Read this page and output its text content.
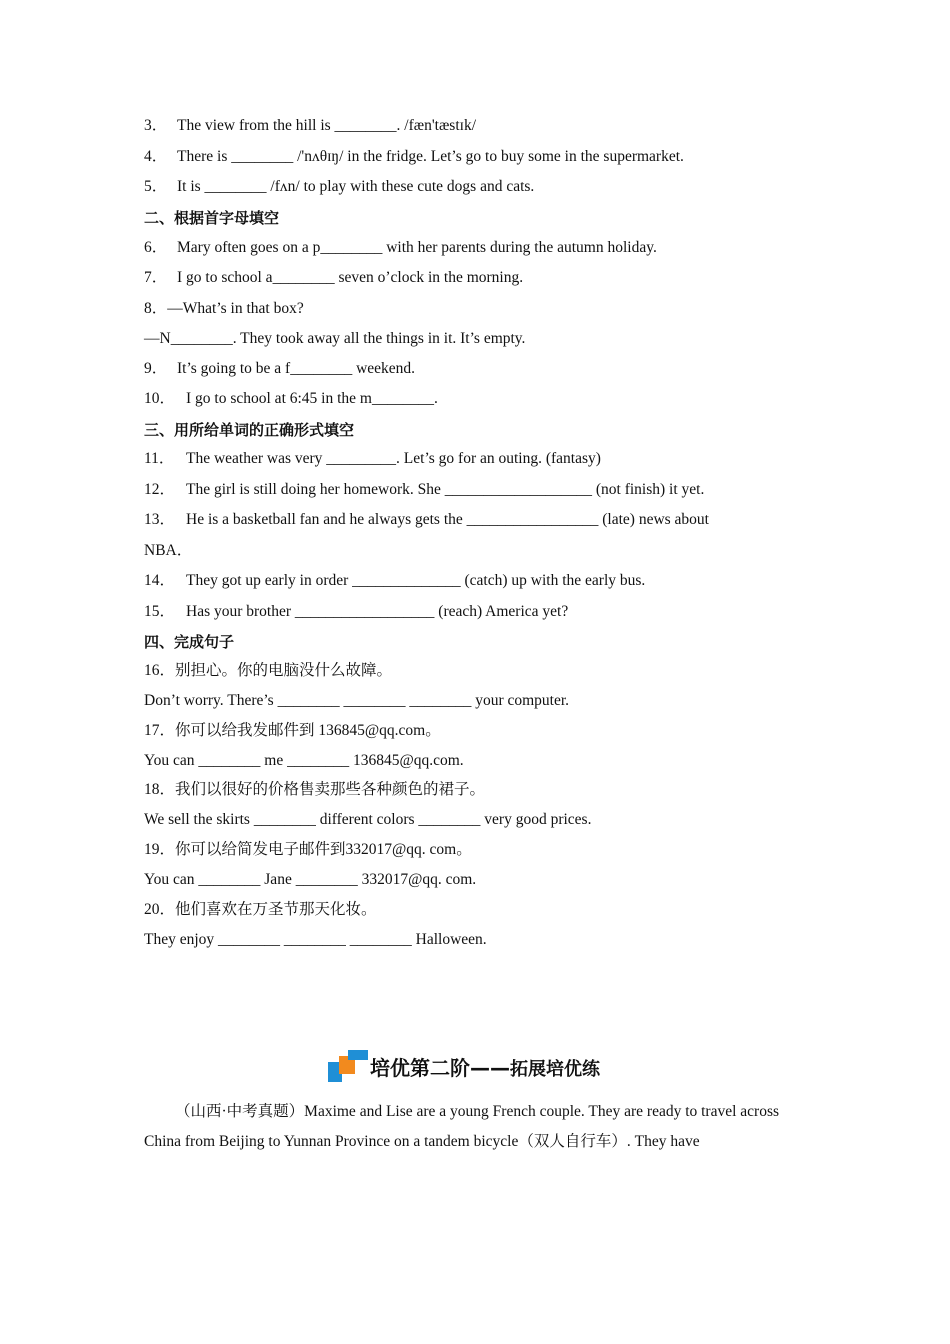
3． The view from the hill is ________. /fæn'tæstɪk/
4． There is ________ /'nʌθɪŋ/ in the fridge. Let’s go to buy some in the supermarket.
5． It is ________ /fʌn/ to play with these cute dogs and cats.
二、根据首字母填空
6． Mary often goes on a p________ with her parents during the autumn holiday.
7． I go to school a________ seven o’clock in the morning.
8．—What’s in that box?
—N________. They took away all the things in it. It’s empty.
9． It’s going to be a f________ weekend.
10． I go to school at 6:45 in the m________.
三、用所给单词的正确形式填空
11． The weather was very _________. Let’s go for an outing. (fantasy)
12． The girl is still doing her homework. She ___________________ (not finish) it yet.
13． He is a basketball fan and he always gets the _________________ (late) news about
NBA．
14． They got up early in order ______________ (catch) up with the early bus.
15． Has your brother __________________ (reach) America yet?
四、完成句子
16．别担心。你的电脑没什么故障。
Don’t worry. There’s ________ ________ ________ your computer.
17．你可以给我发邮件到 136845@qq.com。
You can ________ me ________ 136845@qq.com.
18．我们以很好的价格售卖那些各种颜色的裙子。
We sell the skirts ________ different colors ________ very good prices.
19．你可以给简发电子邮件到332017@qq. com。
You can ________ Jane ________ 332017@qq. com.
20．他们喜欢在万圣节那天化妆。
They enjoy ________ ________ ________ Halloween.
培优第二阶——拓展培优练
（山西·中考真题）Maxime and Lise are a young French couple. They are ready to travel across China from Beijing to Yunnan Province on a tandem bicycle（双人自行车）. They have
